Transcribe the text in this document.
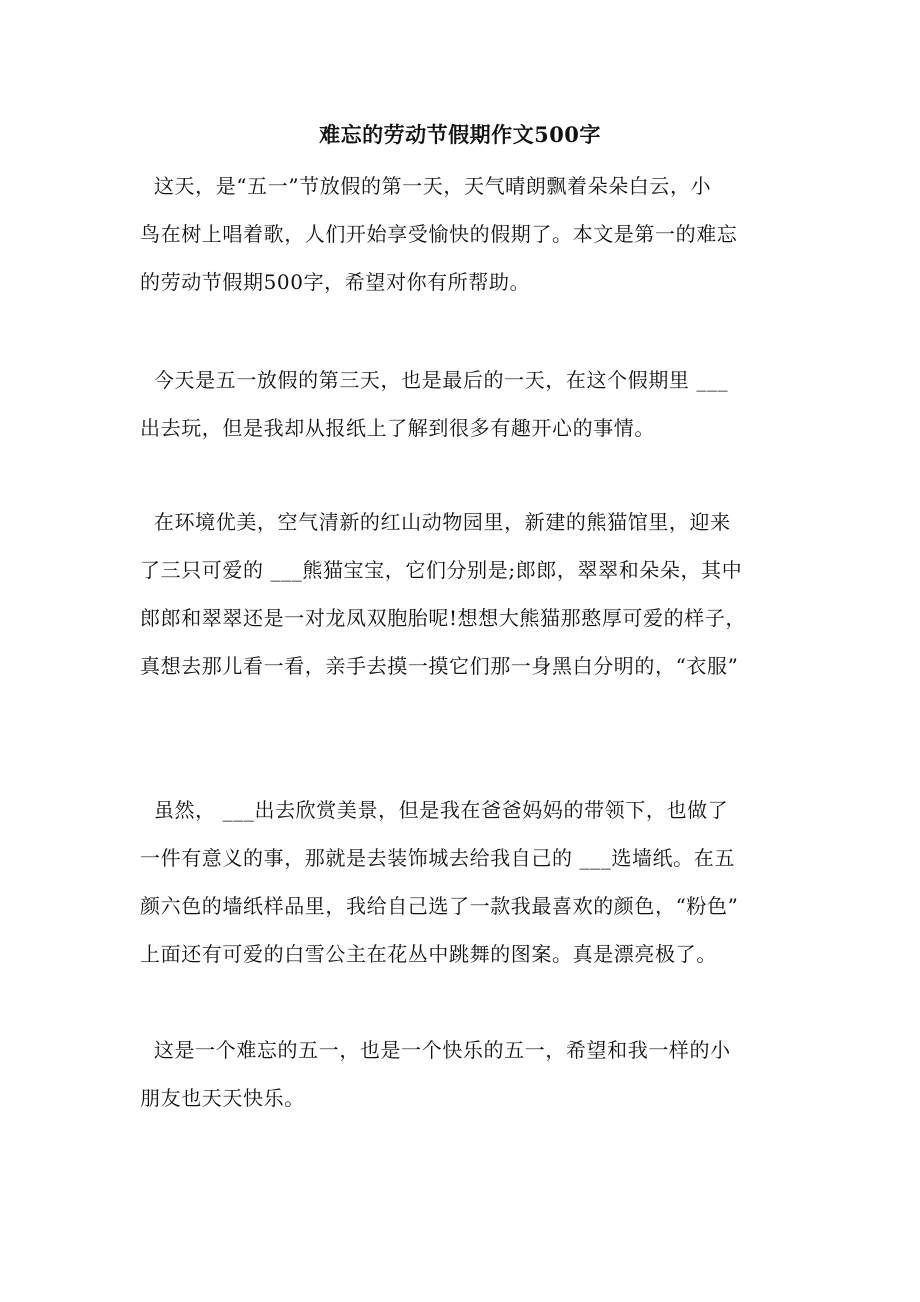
难忘的劳动节假期作文500字
这天，是“五一”节放假的第一天，天气晴朗飘着朵朵白云，小
鸟在树上唱着歌，人们开始享受愉快的假期了。本文是第一的难忘
的劳动节假期500字，希望对你有所帮助。
今天是五一放假的第三天，也是最后的一天，在这个假期里 ___
出去玩，但是我却从报纸上了解到很多有趣开心的事情。
在环境优美，空气清新的红山动物园里，新建的熊猫馆里，迎来
了三只可爱的 ___熊猫宝宝，它们分别是;郎郎，翠翠和朵朵，其中
郎郎和翠翠还是一对龙凤双胞胎呢!想想大熊猫那憨厚可爱的样子，
真想去那儿看一看，亲手去摸一摸它们那一身黑白分明的，“衣服”
虽然， ___出去欣赏美景，但是我在爸爸妈妈的带领下，也做了
一件有意义的事，那就是去装饰城去给我自己的 ___选墙纸。在五
颜六色的墙纸样品里，我给自己选了一款我最喜欢的颜色，“粉色”
上面还有可爱的白雪公主在花丛中跳舞的图案。真是漂亮极了。
这是一个难忘的五一，也是一个快乐的五一，希望和我一样的小
朋友也天天快乐。
